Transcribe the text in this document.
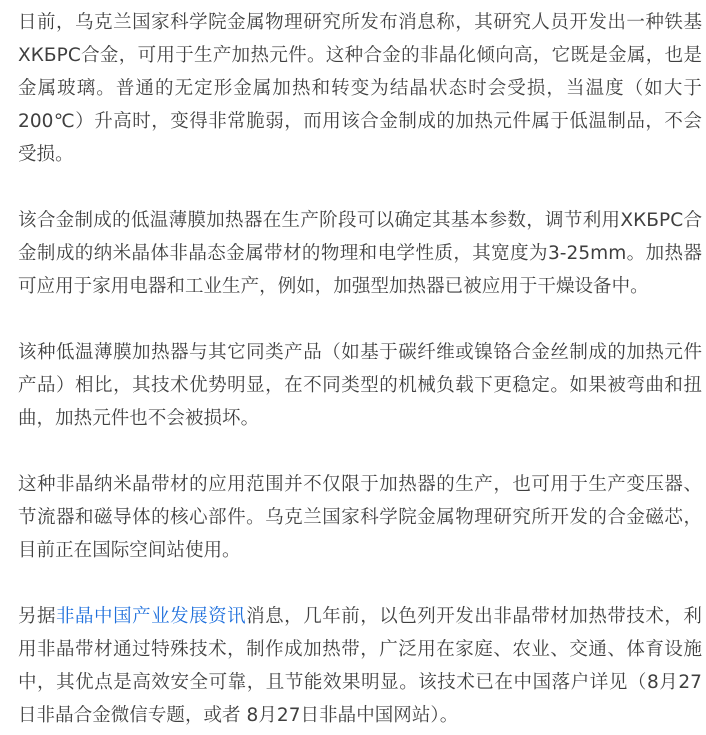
日前，乌克兰国家科学院金属物理研究所发布消息称，其研究人员开发出一种铁基ХКБРС合金，可用于生产加热元件。这种合金的非晶化倾向高，它既是金属，也是金属玻璃。普通的无定形金属加热和转变为结晶状态时会受损，当温度（如大于200℃）升高时，变得非常脆弱，而用该合金制成的加热元件属于低温制品，不会受损。

该合金制成的低温薄膜加热器在生产阶段可以确定其基本参数，调节利用ХКБРС合金制成的纳米晶体非晶态金属带材的物理和电学性质，其宽度为3-25mm。加热器可应用于家用电器和工业生产，例如，加强型加热器已被应用于干燥设备中。

该种低温薄膜加热器与其它同类产品（如基于碳纤维或镍铬合金丝制成的加热元件产品）相比，其技术优势明显，在不同类型的机械负载下更稳定。如果被弯曲和扭曲，加热元件也不会被损坏。

这种非晶纳米晶带材的应用范围并不仅限于加热器的生产，也可用于生产变压器、节流器和磁导体的核心部件。乌克兰国家科学院金属物理研究所开发的合金磁芯，目前正在国际空间站使用。

另据非晶中国产业发展资讯消息，几年前，以色列开发出非晶带材加热带技术，利用非晶带材通过特殊技术，制作成加热带，广泛用在家庭、农业、交通、体育设施中，其优点是高效安全可靠，且节能效果明显。该技术已在中国落户详见（8月27日非晶合金微信专题，或者 8月27日非晶中国网站）。
